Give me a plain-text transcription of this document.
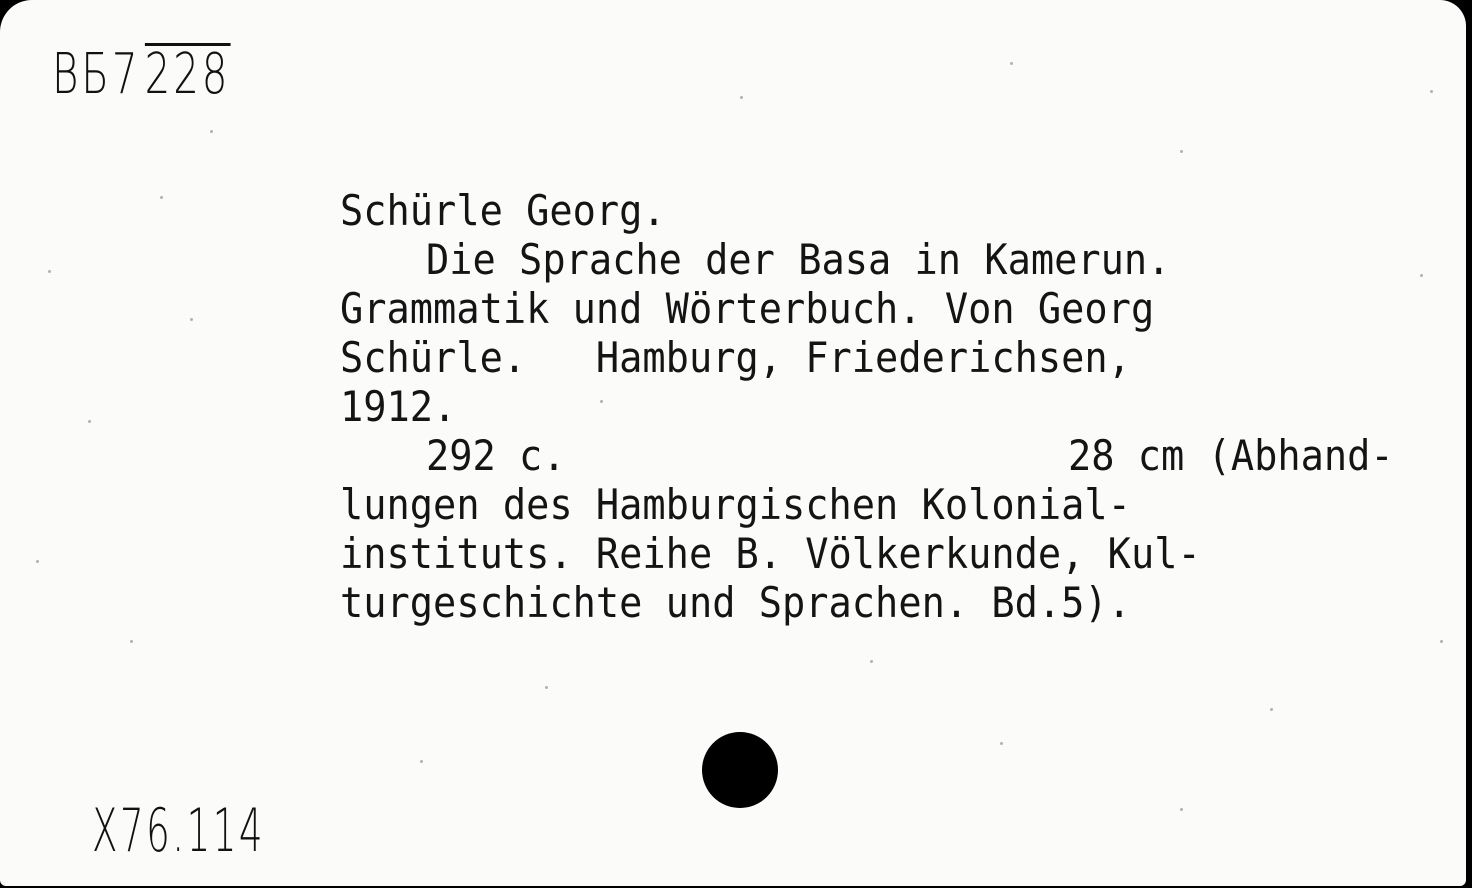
ВБ7228
Schürle Georg.
Die Sprache der Basa in Kamerun.
Grammatik und Wörterbuch. Von Georg
Schürle.   Hamburg, Friederichsen,
1912.
292 с.	28 cm (Abhand-
lungen des Hamburgischen Kolonial-
instituts. Reihe B. Völkerkunde, Kul-
turgeschichte und Sprachen. Bd.5).
X76.114
